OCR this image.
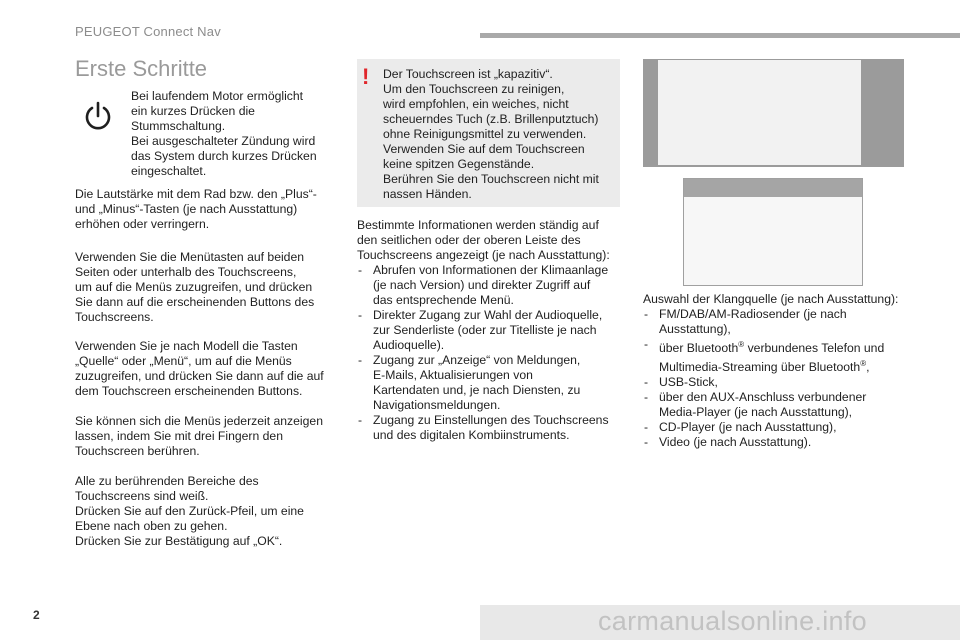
PEUGEOT Connect Nav
Erste Schritte

Bei laufendem Motor ermöglicht

ein kurzes Drücken die

Stummschaltung.

Bei ausgeschalteter Zündung wird

das System durch kurzes Drücken

eingeschaltet.

Die Lautstärke mit dem Rad bzw. den „Plus“-

und „Minus“-Tasten (je nach Ausstattung)

erhöhen oder verringern.

Verwenden Sie die Menütasten auf beiden

Seiten oder unterhalb des Touchscreens,

um auf die Menüs zuzugreifen, und drücken

Sie dann auf die erscheinenden Buttons des

Touchscreens.

Verwenden Sie je nach Modell die Tasten

„Quelle“ oder „Menü“, um auf die Menüs

zuzugreifen, und drücken Sie dann auf die auf

dem Touchscreen erscheinenden Buttons.

Sie können sich die Menüs jederzeit anzeigen

lassen, indem Sie mit drei Fingern den

Touchscreen berühren.

Alle zu berührenden Bereiche des

Touchscreens sind weiß.

Drücken Sie auf den Zurück-Pfeil, um eine

Ebene nach oben zu gehen.

Drücken Sie zur Bestätigung auf „OK“.

! Der Touchscreen ist „kapazitiv“.

Um den Touchscreen zu reinigen,

wird empfohlen, ein weiches, nicht

scheuerndes Tuch (z.B. Brillenputztuch)

ohne Reinigungsmittel zu verwenden.

Verwenden Sie auf dem Touchscreen

keine spitzen Gegenstände.

Berühren Sie den Touchscreen nicht mit

nassen Händen.

Bestimmte Informationen werden ständig auf

den seitlichen oder der oberen Leiste des

Touchscreens angezeigt (je nach Ausstattung):

- Abrufen von Informationen der Klimaanlage
(je nach Version) und direkter Zugriff auf
das entsprechende Menü.
- Direkter Zugang zur Wahl der Audioquelle,
zur Senderliste (oder zur Titelliste je nach
Audioquelle).
- Zugang zur „Anzeige“ von Meldungen,
E-Mails, Aktualisierungen von
Kartendaten und, je nach Diensten, zu
Navigationsmeldungen.
- Zugang zu Einstellungen des Touchscreens
und des digitalen Kombiinstruments.

Auswahl der Klangquelle (je nach Ausstattung):

- FM/DAB/AM-Radiosender (je nach
Ausstattung),
- über Bluetooth® verbundenes Telefon und
Multimedia-Streaming über Bluetooth®,
- USB-Stick,
- über den AUX-Anschluss verbundener
Media-Player (je nach Ausstattung),
- CD-Player (je nach Ausstattung),
- Video (je nach Ausstattung).
2	carmanualsonline.info
